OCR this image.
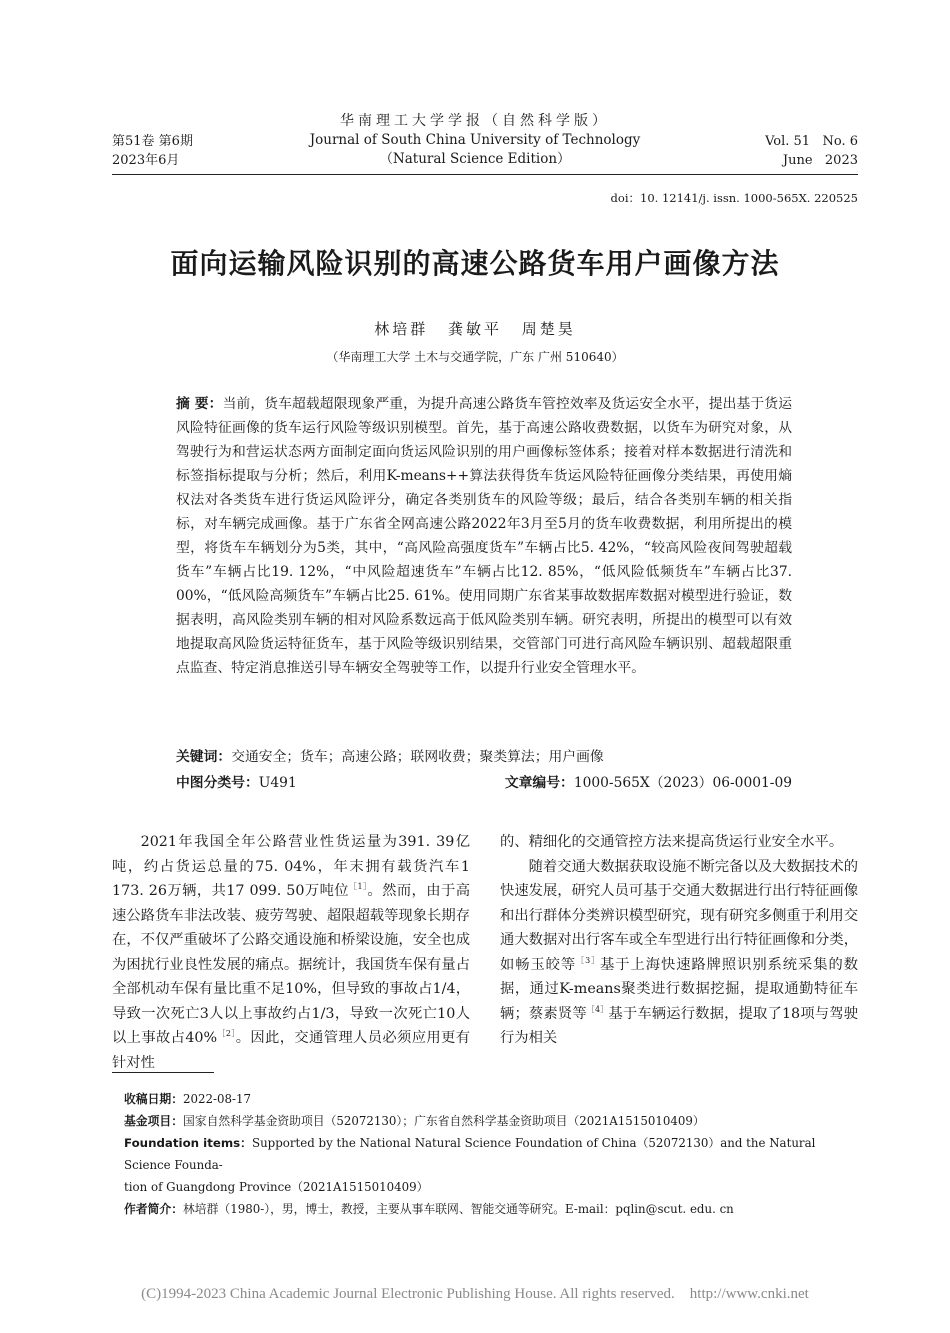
第51卷 第6期
2023年6月
华南理工大学学报（自然科学版）
Journal of South China University of Technology
（Natural Science Edition）
Vol. 51   No. 6
June   2023
doi：10. 12141/j. issn. 1000-565X. 220525
面向运输风险识别的高速公路货车用户画像方法
林培群 龚敏平 周楚昊
（华南理工大学 土木与交通学院，广东 广州 510640）
摘 要：当前，货车超载超限现象严重，为提升高速公路货车管控效率及货运安全水平，提出基于货运风险特征画像的货车运行风险等级识别模型。首先，基于高速公路收费数据，以货车为研究对象，从驾驶行为和营运状态两方面制定面向货运风险识别的用户画像标签体系；接着对样本数据进行清洗和标签指标提取与分析；然后，利用K-means++算法获得货车货运风险特征画像分类结果，再使用熵权法对各类货车进行货运风险评分，确定各类别货车的风险等级；最后，结合各类别车辆的相关指标，对车辆完成画像。基于广东省全网高速公路2022年3月至5月的货车收费数据，利用所提出的模型，将货车车辆划分为5类，其中，“高风险高强度货车”车辆占比5. 42%，“较高风险夜间驾驶超载货车”车辆占比19. 12%，“中风险超速货车”车辆占比12. 85%，“低风险低频货车”车辆占比37. 00%，“低风险高频货车”车辆占比25. 61%。使用同期广东省某事故数据库数据对模型进行验证，数据表明，高风险类别车辆的相对风险系数远高于低风险类别车辆。研究表明，所提出的模型可以有效地提取高风险货运特征货车，基于风险等级识别结果，交管部门可进行高风险车辆识别、超载超限重点监查、特定消息推送引导车辆安全驾驶等工作，以提升行业安全管理水平。
关键词：交通安全；货车；高速公路；联网收费；聚类算法；用户画像
中图分类号：U491	文章编号：1000-565X（2023）06-0001-09

2021年我国全年公路营业性货运量为391. 39亿吨，约占货运总量的75. 04%，年末拥有载货汽车1 173. 26万辆，共17 099. 50万吨位$^{[1]}$。然而，由于高速公路货车非法改装、疲劳驾驶、超限超载等现象长期存在，不仅严重破坏了公路交通设施和桥梁设施，安全也成为困扰行业良性发展的痛点。据统计，我国货车保有量占全部机动车保有量比重不足10%，但导致的事故占1/4，导致一次死亡3人以上事故约占1/3，导致一次死亡10人以上事故占40%$^{[2]}$。因此，交通管理人员必须应用更有针对性

的、精细化的交通管控方法来提高货运行业安全水平。

随着交通大数据获取设施不断完备以及大数据技术的快速发展，研究人员可基于交通大数据进行出行特征画像和出行群体分类辨识模型研究，现有研究多侧重于利用交通大数据对出行客车或全车型进行出行特征画像和分类，如畅玉皎等$^{[3]}$基于上海快速路牌照识别系统采集的数据，通过K-means聚类进行数据挖掘，提取通勤特征车辆；蔡素贤等$^{[4]}$基于车辆运行数据，提取了18项与驾驶行为相关

收稿日期：2022-08-17
基金项目：国家自然科学基金资助项目（52072130）；广东省自然科学基金资助项目（2021A1515010409）
Foundation items：Supported by the National Natural Science Foundation of China（52072130）and the Natural Science Founda-
tion of Guangdong Province（2021A1515010409）
作者简介：林培群（1980-），男，博士，教授，主要从事车联网、智能交通等研究。E-mail：pqlin@scut. edu. cn
(C)1994-2023 China Academic Journal Electronic Publishing House. All rights reserved.    http://www.cnki.net
